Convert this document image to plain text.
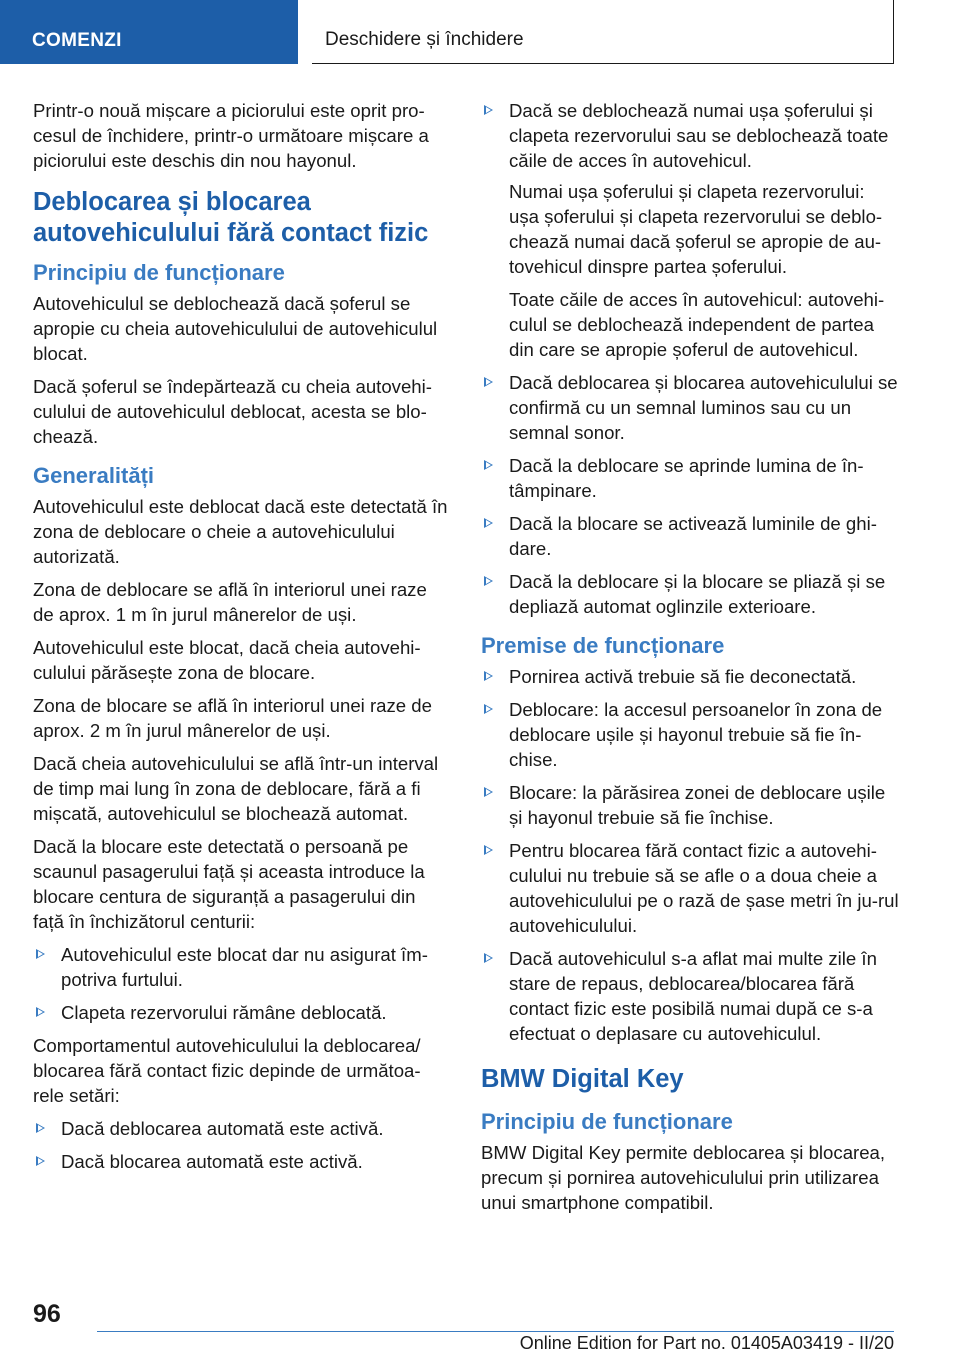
COMENZI	Deschidere și închidere

Printr-o nouă mișcare a piciorului este oprit pro-cesul de închidere, printr-o următoare mișcare a piciorului este deschis din nou hayonul.

Deblocarea și blocarea autovehiculului fără contact fizic
Principiu de funcționare

Autovehiculul se deblochează dacă șoferul se apropie cu cheia autovehiculului de autovehiculul blocat.

Dacă șoferul se îndepărtează cu cheia autovehi-culului de autovehiculul deblocat, acesta se blo-chează.

Generalități

Autovehiculul este deblocat dacă este detectată în zona de deblocare o cheie a autovehiculului autorizată.

Zona de deblocare se află în interiorul unei raze de aprox. 1 m în jurul mânerelor de uși.

Autovehiculul este blocat, dacă cheia autovehi-culului părăsește zona de blocare.

Zona de blocare se află în interiorul unei raze de aprox. 2 m în jurul mânerelor de uși.

Dacă cheia autovehiculului se află într-un interval de timp mai lung în zona de deblocare, fără a fi mișcată, autovehiculul se blochează automat.

Dacă la blocare este detectată o persoană pe scaunul pasagerului față și aceasta introduce la blocare centura de siguranță a pasagerului din față în închizătorul centurii:

Autovehiculul este blocat dar nu asigurat îm-potriva furtului.
Clapeta rezervorului rămâne deblocată.

Comportamentul autovehiculului la deblocarea/ blocarea fără contact fizic depinde de următoa-rele setări:

Dacă deblocarea automată este activă.
Dacă blocarea automată este activă.
Dacă se deblochează numai ușa șoferului și clapeta rezervorului sau se deblochează toate căile de acces în autovehicul.

Numai ușa șoferului și clapeta rezervorului: ușa șoferului și clapeta rezervorului se deblo-chează numai dacă șoferul se apropie de au-tovehicul dinspre partea șoferului.

Toate căile de acces în autovehicul: autovehi-culul se deblochează independent de partea din care se apropie șoferul de autovehicul.

Dacă deblocarea și blocarea autovehiculului se confirmă cu un semnal luminos sau cu un semnal sonor.
Dacă la deblocare se aprinde lumina de în-tâmpinare.
Dacă la blocare se activează luminile de ghi-dare.
Dacă la deblocare și la blocare se pliază și se depliază automat oglinzile exterioare.
Premise de funcționare
Pornirea activă trebuie să fie deconectată.
Deblocare: la accesul persoanelor în zona de deblocare ușile și hayonul trebuie să fie în-chise.
Blocare: la părăsirea zonei de deblocare ușile și hayonul trebuie să fie închise.
Pentru blocarea fără contact fizic a autovehi-culului nu trebuie să se afle o a doua cheie a autovehiculului pe o rază de șase metri în ju-rul autovehiculului.
Dacă autovehiculul s-a aflat mai multe zile în stare de repaus, deblocarea/blocarea fără contact fizic este posibilă numai după ce s-a efectuat o deplasare cu autovehiculul.
BMW Digital Key
Principiu de funcționare

BMW Digital Key permite deblocarea și blocarea, precum și pornirea autovehiculului prin utilizarea unui smartphone compatibil.

96
Online Edition for Part no. 01405A03419 - II/20
